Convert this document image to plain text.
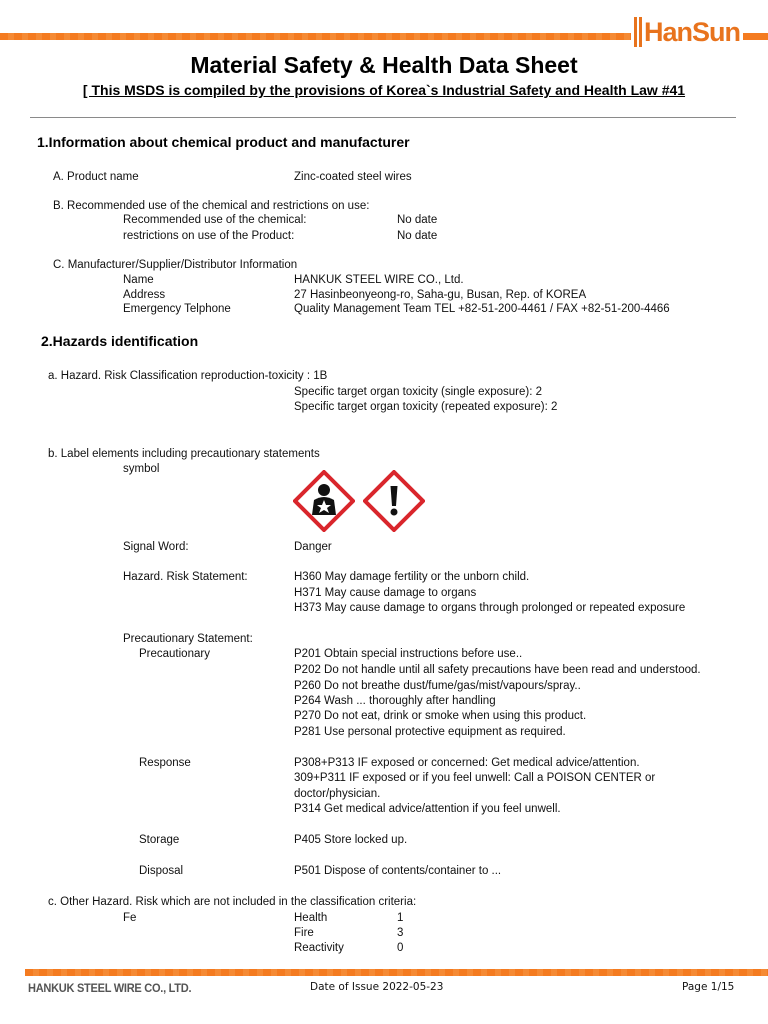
HanSun
Material Safety & Health Data Sheet
[ This MSDS is compiled by the provisions of Korea`s Industrial Safety and Health Law #41
1.Information about chemical product and manufacturer
A. Product name	Zinc-coated steel wires
B. Recommended use of the chemical and restrictions on use:
Recommended use of the chemical:	No date
restrictions on use of the Product:	No date
C. Manufacturer/Supplier/Distributor Information
Name	HANKUK STEEL WIRE CO., Ltd.
Address	27 Hasinbeonyeong-ro, Saha-gu, Busan, Rep. of KOREA
Emergency Telphone	Quality Management Team TEL +82-51-200-4461 / FAX +82-51-200-4466
2.Hazards identification
a. Hazard. Risk Classification reproduction-toxicity : 1B
Specific target organ toxicity (single exposure): 2
Specific target organ toxicity (repeated exposure): 2
b. Label elements including precautionary statements
symbol
Signal Word:	Danger
Hazard. Risk Statement:	H360 May damage fertility or the unborn child.
H371 May cause damage to organs
H373 May cause damage to organs through prolonged or repeated exposure
Precautionary Statement:
Precautionary	P201 Obtain special instructions before use..
P202 Do not handle until all safety precautions have been read and understood.
P260 Do not breathe dust/fume/gas/mist/vapours/spray..
P264 Wash ... thoroughly after handling
P270 Do not eat, drink or smoke when using this product.
P281 Use personal protective equipment as required.
Response	P308+P313 IF exposed or concerned: Get medical advice/attention.
309+P311 IF exposed or if you feel unwell: Call a POISON CENTER or
doctor/physician.
P314 Get medical advice/attention if you feel unwell.
Storage	P405 Store locked up.
Disposal	P501 Dispose of contents/container to ...
c. Other Hazard. Risk which are not included in the classification criteria:
Fe	Health	1
Fire	3
Reactivity	0
HANKUK STEEL WIRE CO., LTD.	Date of Issue 2022-05-23	Page 1/15
